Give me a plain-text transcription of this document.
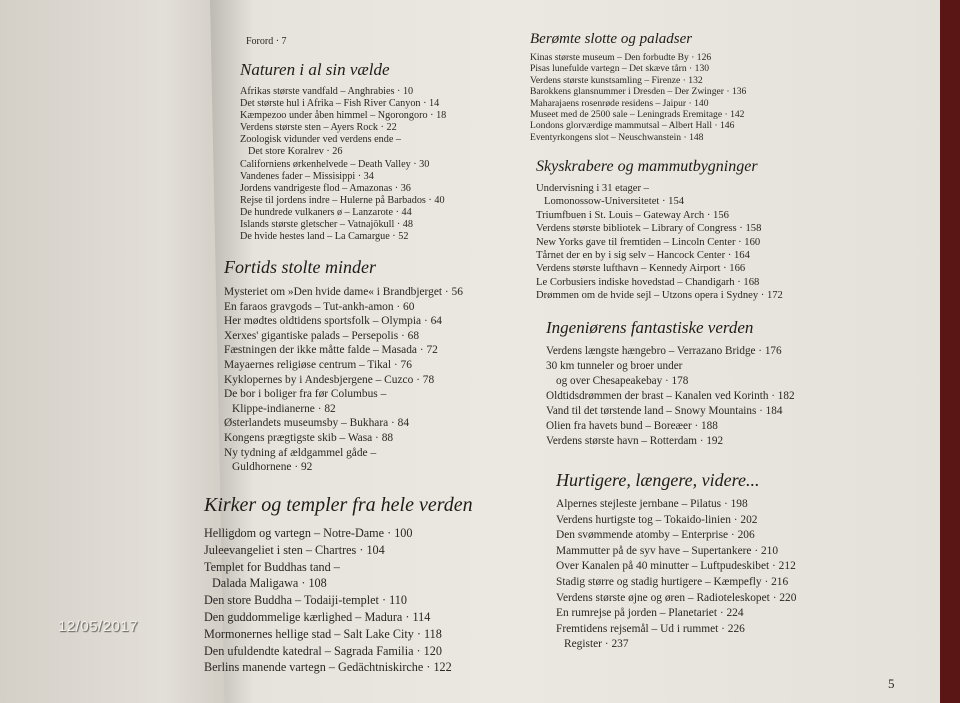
Forord · 7
Naturen i al sin vælde
Afrikas største vandfald – Anghrabies · 10
Det største hul i Afrika – Fish River Canyon · 14
Kæmpezoo under åben himmel – Ngorongoro · 18
Verdens største sten – Ayers Rock · 22
Zoologisk vidunder ved verdens ende –
Det store Koralrev · 26
Californiens ørkenhelvede – Death Valley · 30
Vandenes fader – Missisippi · 34
Jordens vandrigeste flod – Amazonas · 36
Rejse til jordens indre – Hulerne på Barbados · 40
De hundrede vulkaners ø – Lanzarote · 44
Islands største gletscher – Vatnajökull · 48
De hvide hestes land – La Camargue · 52
Fortids stolte minder
Mysteriet om »Den hvide dame« i Brandbjerget · 56
En faraos gravgods – Tut-ankh-amon · 60
Her mødtes oldtidens sportsfolk – Olympia · 64
Xerxes' gigantiske palads – Persepolis · 68
Fæstningen der ikke måtte falde – Masada · 72
Mayaernes religiøse centrum – Tikal · 76
Kyklopernes by i Andesbjergene – Cuzco · 78
De bor i boliger fra før Columbus –
Klippe-indianerne · 82
Østerlandets museumsby – Bukhara · 84
Kongens prægtigste skib – Wasa · 88
Ny tydning af ældgammel gåde –
Guldhornene · 92
Kirker og templer fra hele verden
Helligdom og vartegn – Notre-Dame · 100
Juleevangeliet i sten – Chartres · 104
Templet for Buddhas tand –
Dalada Maligawa · 108
Den store Buddha – Todaiji-templet · 110
Den guddommelige kærlighed – Madura · 114
Mormonernes hellige stad – Salt Lake City · 118
Den ufuldendte katedral – Sagrada Familia · 120
Berlins manende vartegn – Gedächtniskirche · 122
Berømte slotte og paladser
Kinas største museum – Den forbudte By · 126
Pisas lunefulde vartegn – Det skæve tårn · 130
Verdens største kunstsamling – Firenze · 132
Barokkens glansnummer i Dresden – Der Zwinger · 136
Maharajaens rosenrøde residens – Jaipur · 140
Museet med de 2500 sale – Leningrads Eremitage · 142
Londons glorværdige mammutsal – Albert Hall · 146
Eventyrkongens slot – Neuschwanstein · 148
Skyskrabere og mammutbygninger
Undervisning i 31 etager –
Lomonossow-Universitetet · 154
Triumfbuen i St. Louis – Gateway Arch · 156
Verdens største bibliotek – Library of Congress · 158
New Yorks gave til fremtiden – Lincoln Center · 160
Tårnet der en by i sig selv – Hancock Center · 164
Verdens største lufthavn – Kennedy Airport · 166
Le Corbusiers indiske hovedstad – Chandigarh · 168
Drømmen om de hvide sejl – Utzons opera i Sydney · 172
Ingeniørens fantastiske verden
Verdens længste hængebro – Verrazano Bridge · 176
30 km tunneler og broer under
og over Chesapeakebay · 178
Oldtidsdrømmen der brast – Kanalen ved Korinth · 182
Vand til det tørstende land – Snowy Mountains · 184
Olien fra havets bund – Boreæer · 188
Verdens største havn – Rotterdam · 192
Hurtigere, længere, videre...
Alpernes stejleste jernbane – Pilatus · 198
Verdens hurtigste tog – Tokaido-linien · 202
Den svømmende atomby – Enterprise · 206
Mammutter på de syv have – Supertankere · 210
Over Kanalen på 40 minutter – Luftpudeskibet · 212
Stadig større og stadig hurtigere – Kæmpefly · 216
Verdens største øjne og øren – Radioteleskopet · 220
En rumrejse på jorden – Planetariet · 224
Fremtidens rejsemål – Ud i rummet · 226
Register · 237
12/05/2017
5
